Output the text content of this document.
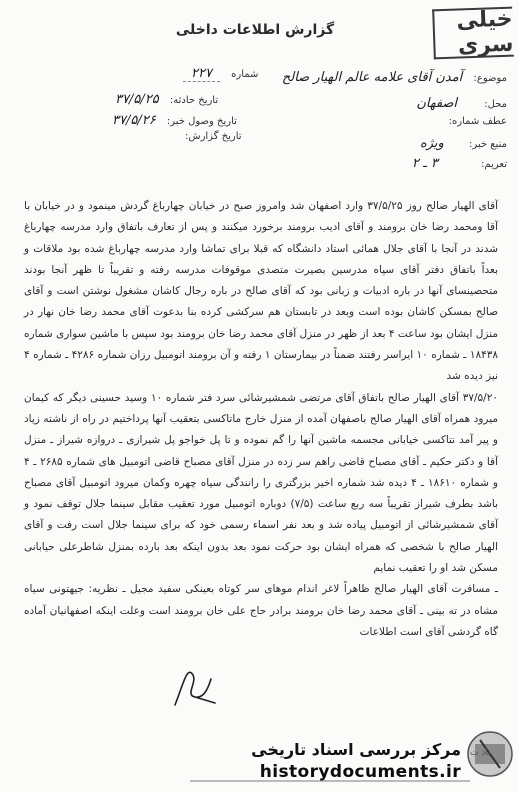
خیلی سری
گزارش اطلاعات داخلی
شماره ۲۲۷
تاریخ حادثه: ۳۷/۵/۲۵
تاریخ وصول خبر: ۳۷/۵/۲۶
تاریخ گزارش:
موضوع: آمدن آقای علامه عالم الهیار صالح
محل: اصفهان
عطف شماره:
منبع خبر: ویژه
تعریم: ۳ ـ ۲

آقای الهیار صالح روز ۳۷/۵/۲۵ وارد اصفهان شد وامروز صبح در خیابان چهارباغ گردش مینمود و در خیابان با آقا ومحمد رضا خان برومند و آقای ادیب برومند برخورد میکنند و پس از تعارف باتفاق وارد مدرسه چهارباغ شدند در آنجا با آقای جلال همائی استاد دانشگاه که قبلا برای تماشا وارد مدرسه چهارباغ شده بود ملاقات و بعداً باتفاق دفتر آقای سپاه مدرسین بصیرت متصدی موقوفات مدرسه رفته و تقریباً تا ظهر آنجا بودند متحصینسای آنها در باره ادبیات و زبانی بود که آقای صالح در باره رجال کاشان مشغول نوشتن است و آقای صالح بمسکن کاشان بوده است وبعد در تابستان هم سرکشی کرده بنا بدعوت آقای محمد رضا خان نهار در منزل ایشان بود ساعت ۴ بعد از ظهر در منزل آقای محمد رضا خان برومند بود سپس با ماشین سواری شماره ۱۸۴۳۸ ـ شماره ۱۰ ایراسر رفتند ضمناً در بیمارستان ۱ رفته و آن برومند اتومبیل رزان شماره ۴۲۸۶ ـ شماره ۴ نیز دیده شد

۳۷/۵/۲۰ آقای الهیار صالح باتفاق آقای مرتضی شمشیرشائی سرد فتر شماره ۱۰ وسید حسینی دیگر که کیمان میرود همراه آقای الهیار صالح باصفهان آمده از منزل خارج ماتاکسی بتعقیب آنها پرداختیم در راه از ناشته زیاد و پیر آمد نتاکسی خیابانی مجسمه ماشین آنها را گم نموده و تا پل خواجو پل شیرازی ـ دروازه شیراز ـ منزل آقا و دکتر حکیم ـ آقای مصباح قاضی راهم سر زده در منزل آقای مصباح قاضی اتومبیل های شماره ۲۶۸۵ ـ ۴ و شماره ۱۸۶۱۰ ـ ۴ دیده شد شماره اخیر بزرگتری را رانندگی سیاه چهره وکمان میرود اتومبیل آقای مصباح باشد بطرف شیراز تقریباً سه ربع ساعت (۷/۵) دوباره اتومبیل مورد تعقیب مقابل سینما جلال توقف نمود و آقای شمشیرشائی از اتومبیل پیاده شد و بعد نفر اسماء رسمی خود که برای سینما جلال است رفت و آقای الهیار صالح با شخصی که همراه ایشان بود حرکت نمود بعد بدون اینکه بعد بارده بمنزل شاطرعلی حیابانی مسکن شد او را تعقیب نمایم

ـ مسافرت آقای الهیار صالح ظاهراً لاغر اندام موهای سر کوتاه بعینکی سفید مجیل ـ نظریه: جیهتونی سیاه مشاه در ته بینی ـ آقای محمد رضا خان برومند برادر حاج علی خان برومند است وعلت اینکه اصفهانیان آماده گاه گردشی آقای است اطلاعات

مرکز بررسی اسناد تاریخی
historydocuments.ir
باد ت
